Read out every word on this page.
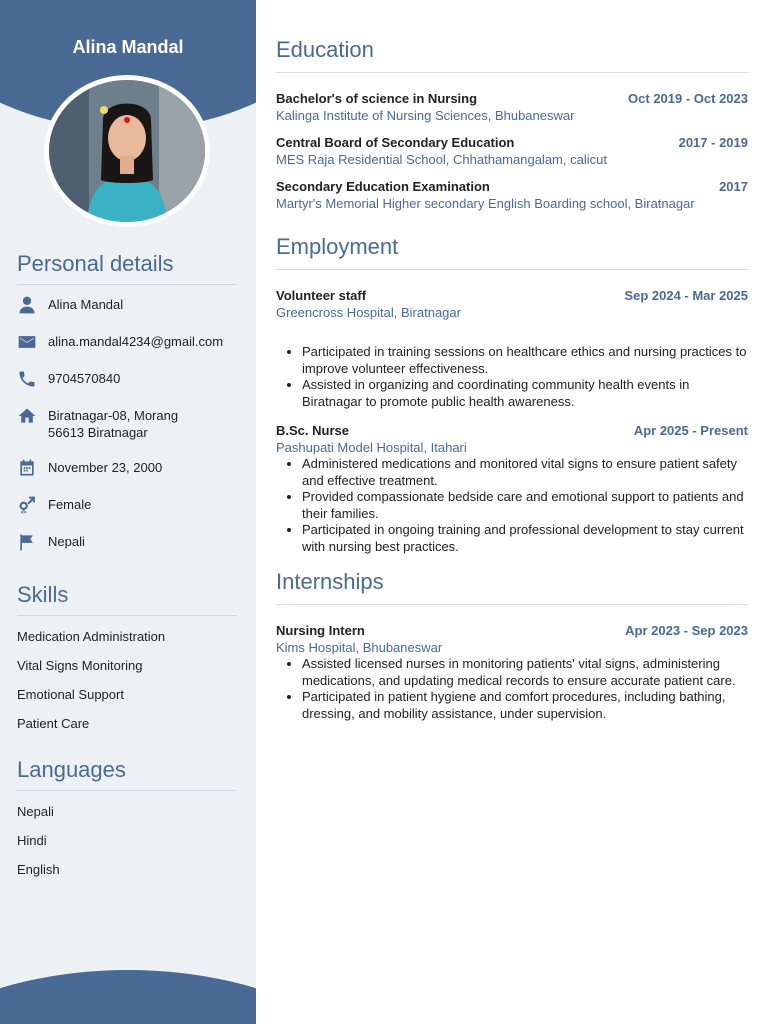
Alina Mandal
Personal details
Alina Mandal
alina.mandal4234@gmail.com
9704570840
Biratnagar-08, Morang
56613 Biratnagar
November 23, 2000
Female
Nepali
Skills
Medication Administration
Vital Signs Monitoring
Emotional Support
Patient Care
Languages
Nepali
Hindi
English
Education
Bachelor's of science in Nursing	Oct 2019 - Oct 2023
Kalinga Institute of Nursing Sciences, Bhubaneswar
Central Board of Secondary Education	2017 - 2019
MES Raja Residential School, Chhathamangalam, calicut
Secondary Education Examination	2017
Martyr's Memorial Higher secondary English Boarding school, Biratnagar
Employment
Volunteer staff	Sep 2024 - Mar 2025
Greencross Hospital, Biratnagar
• Participated in training sessions on healthcare ethics and nursing practices to improve volunteer effectiveness.
• Assisted in organizing and coordinating community health events in Biratnagar to promote public health awareness.
B.Sc. Nurse	Apr 2025 - Present
Pashupati Model Hospital, Itahari
• Administered medications and monitored vital signs to ensure patient safety and effective treatment.
• Provided compassionate bedside care and emotional support to patients and their families.
• Participated in ongoing training and professional development to stay current with nursing best practices.
Internships
Nursing Intern	Apr 2023 - Sep 2023
Kims Hospital, Bhubaneswar
• Assisted licensed nurses in monitoring patients' vital signs, administering medications, and updating medical records to ensure accurate patient care.
• Participated in patient hygiene and comfort procedures, including bathing, dressing, and mobility assistance, under supervision.
